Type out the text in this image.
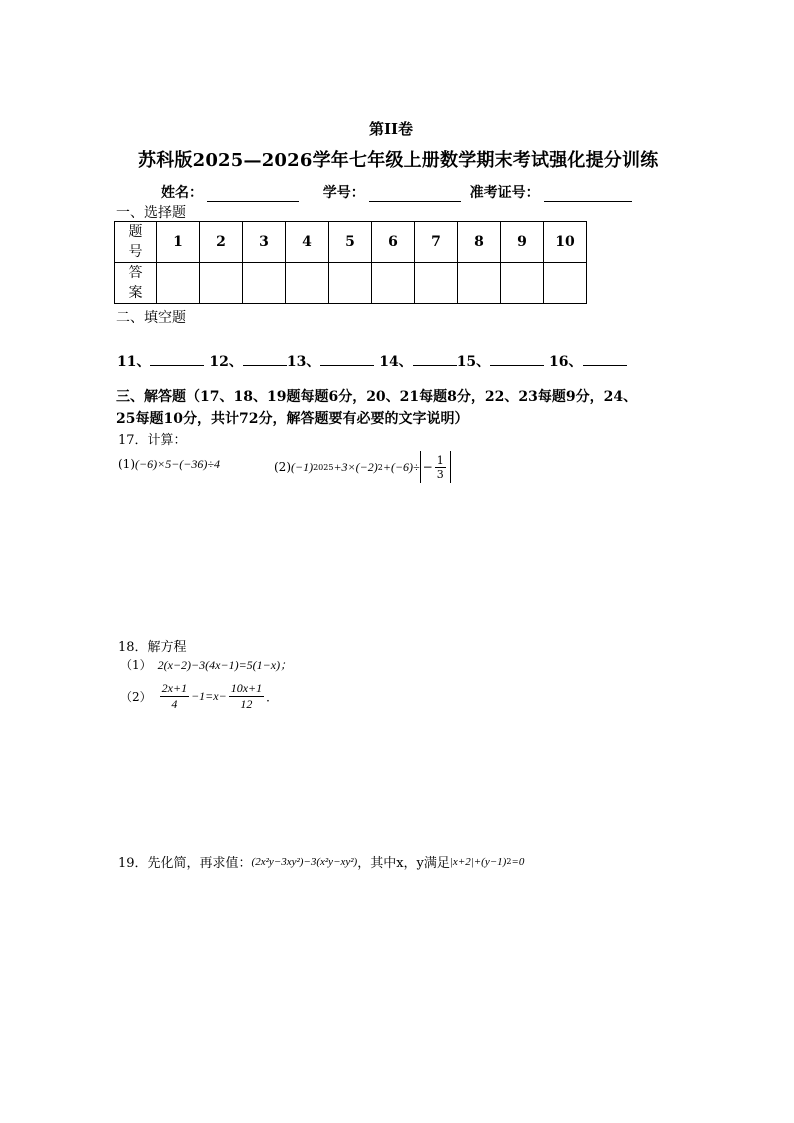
第II卷
苏科版2025—2026学年七年级上册数学期末考试强化提分训练
姓名：	学号：	准考证号：
一、选择题
题
号	1	2	3	4	5	6	7	8	9	10

答
案										

二、填空题
11、	12、	13、	14、	15、	16、
三、解答题（17、18、19题每题6分，20、21每题8分，22、23每题9分，24、
25每题10分，共计72分，解答题要有必要的文字说明）
17．计算：
(1)(−6)×5−(−36)÷4	(2) (−1) 2025 +3×(−2) $2 +(-6)\div - \frac{1}{3}$
18．解方程
（1） 2(x−2)−3(4x−1)=5(1−x)；
$(2) \frac{2x+1}{4} -1=x- \frac{10x+1}{12}$ ．
19．先化简，再求值： (2x²y−3xy²)−3(x²y−xy²) ，其中x，y满足 |x+2|+(y−1) 2 =0
